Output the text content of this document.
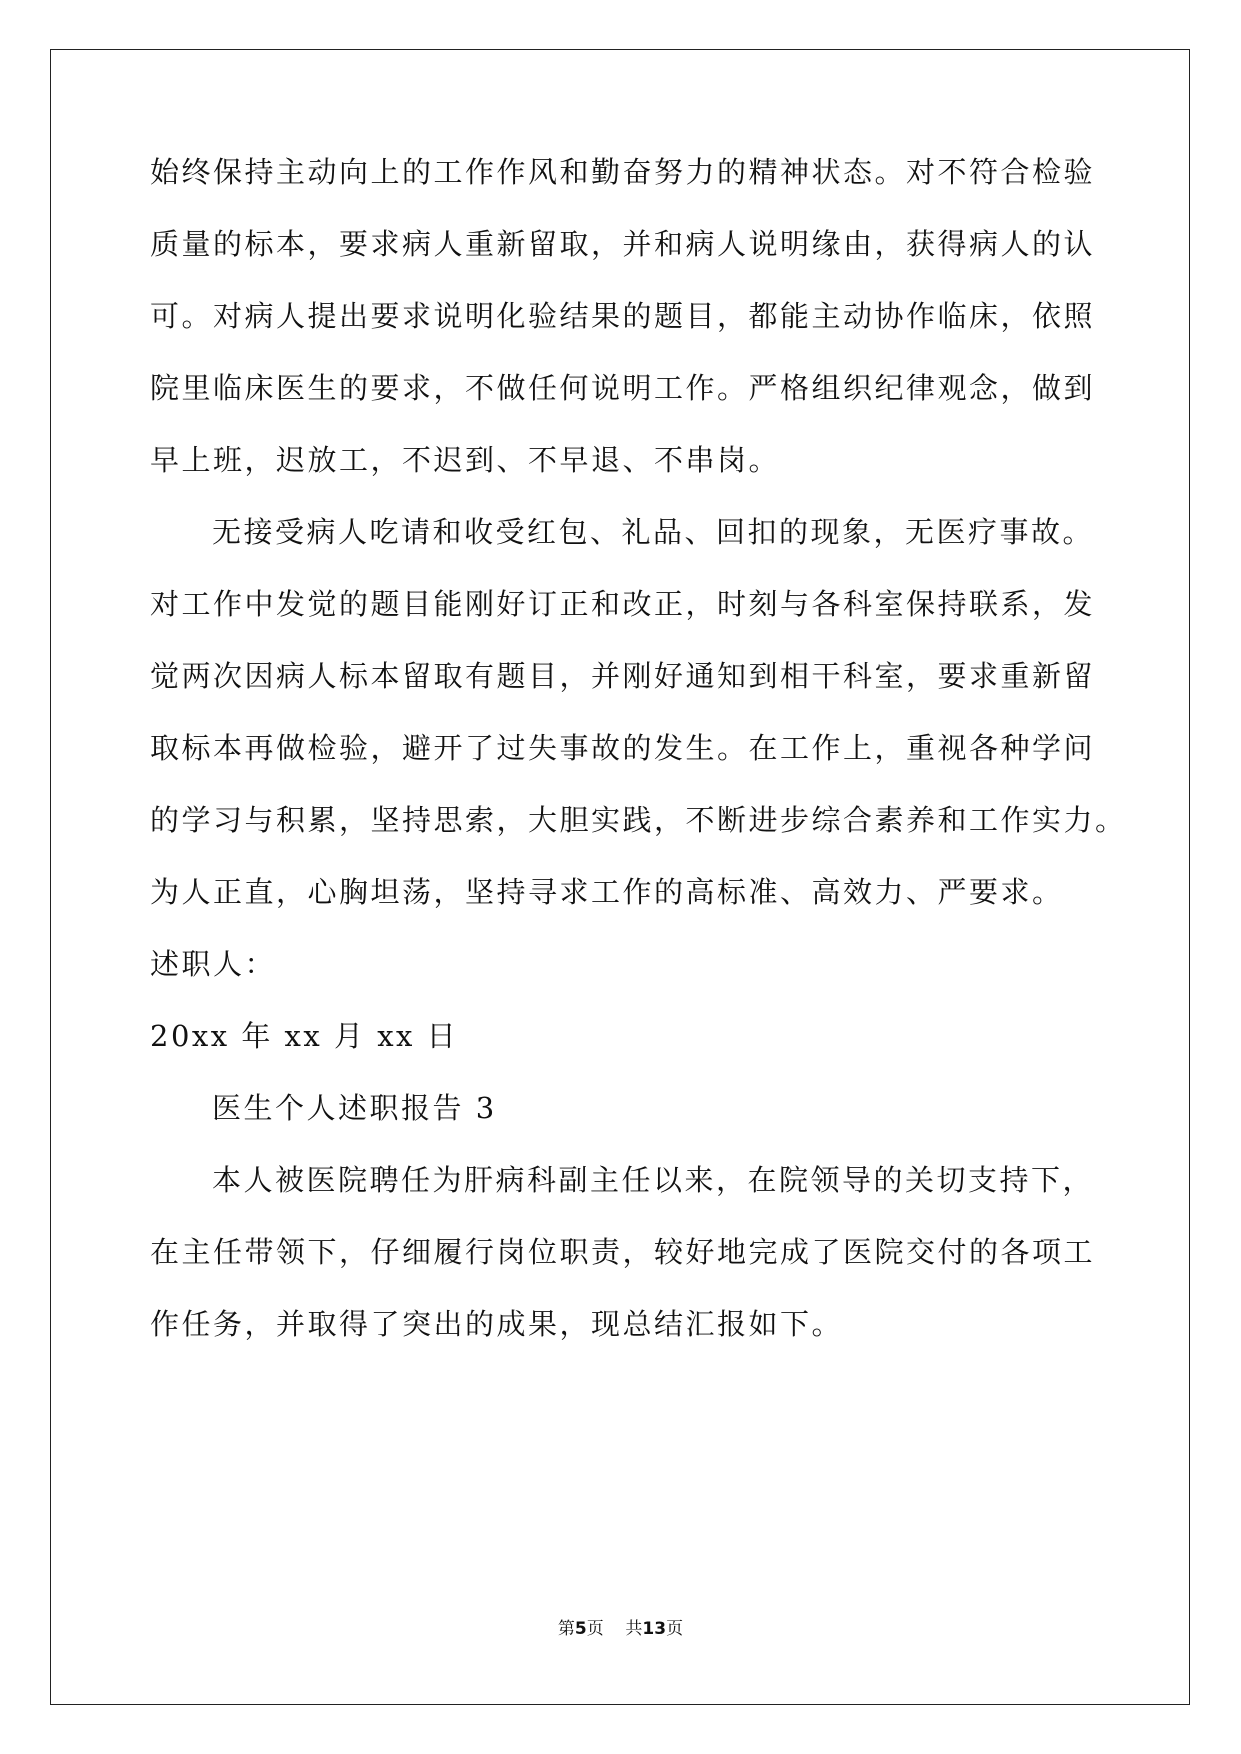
始终保持主动向上的工作作风和勤奋努力的精神状态。对不符合检验
质量的标本，要求病人重新留取，并和病人说明缘由，获得病人的认
可。对病人提出要求说明化验结果的题目，都能主动协作临床，依照
院里临床医生的要求，不做任何说明工作。严格组织纪律观念，做到
早上班，迟放工，不迟到、不早退、不串岗。
无接受病人吃请和收受红包、礼品、回扣的现象，无医疗事故。
对工作中发觉的题目能刚好订正和改正，时刻与各科室保持联系，发
觉两次因病人标本留取有题目，并刚好通知到相干科室，要求重新留
取标本再做检验，避开了过失事故的发生。在工作上，重视各种学问
的学习与积累，坚持思索，大胆实践，不断进步综合素养和工作实力。
为人正直，心胸坦荡，坚持寻求工作的高标准、高效力、严要求。
述职人：
20xx 年 xx 月 xx 日
医生个人述职报告 3
本人被医院聘任为肝病科副主任以来，在院领导的关切支持下，
在主任带领下，仔细履行岗位职责，较好地完成了医院交付的各项工
作任务，并取得了突出的成果，现总结汇报如下。
第5页 共13页
